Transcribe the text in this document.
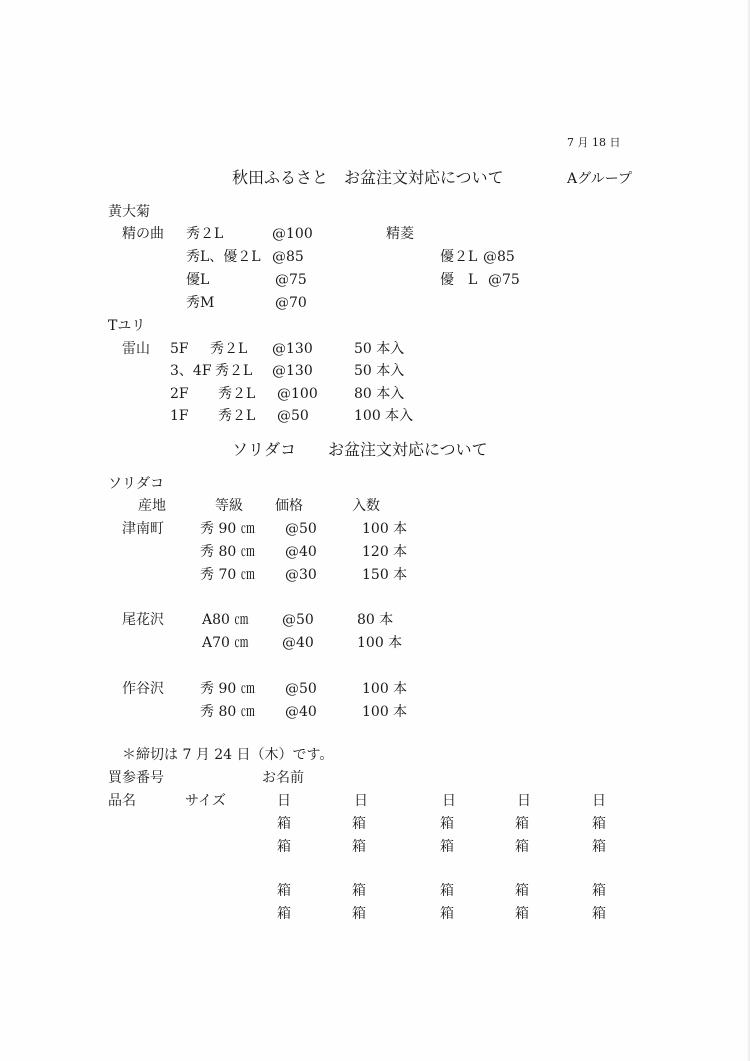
7 月 18 日
秋田ふるさと　お盆注文対応について	Aグループ
黄大菊
精の曲 秀２L	@100	精菱
秀L、優２L @85	優２L @85
優L	@75	優　L @75
秀M	@70
Tユリ
雷山 5F 秀２L @130	50 本入
3、4F 秀２L @130	50 本入
2F 秀２L @100	80 本入
1F 秀２L @50	100 本入
ソリダコ　　お盆注文対応について
ソリダコ
産地	等級 価格	入数
津南町	秀 90 ㎝ @50	100 本
秀 80 ㎝ @40	120 本
秀 70 ㎝ @30	150 本
尾花沢	A80 ㎝ @50	80 本
A70 ㎝ @40	100 本
作谷沢	秀 90 ㎝ @50	100 本
秀 80 ㎝ @40	100 本
＊締切は 7 月 24 日（木）です。
買参番号	お名前
品名	サイズ	日	日	日	日	日
箱	箱	箱	箱	箱
箱	箱	箱	箱	箱
箱	箱	箱	箱	箱
箱	箱	箱	箱	箱
